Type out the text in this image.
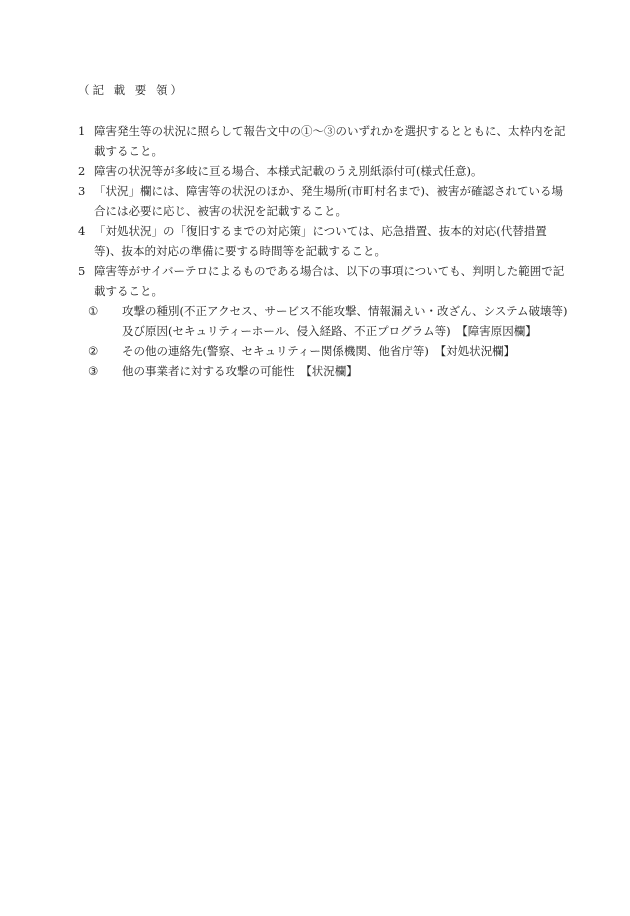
（記 載 要 領）
1 障害発生等の状況に照らして報告文中の①～③のいずれかを選択するとともに、太枠内を記載すること。
2 障害の状況等が多岐に亘る場合、本様式記載のうえ別紙添付可(様式任意)。
3 「状況」欄には、障害等の状況のほか、発生場所(市町村名まで)、被害が確認されている場合には必要に応じ、被害の状況を記載すること。
4 「対処状況」の「復旧するまでの対応策」については、応急措置、抜本的対応(代替措置等)、抜本的対応の準備に要する時間等を記載すること。
5 障害等がサイバーテロによるものである場合は、以下の事項についても、判明した範囲で記載すること。
① 攻撃の種別(不正アクセス、サービス不能攻撃、情報漏えい・改ざん、システム破壊等)及び原因(セキュリティーホール、侵入経路、不正プログラム等)　【障害原因欄】
② その他の連絡先(警察、セキュリティー関係機関、他省庁等)　【対処状況欄】
③ 他の事業者に対する攻撃の可能性　【状況欄】
